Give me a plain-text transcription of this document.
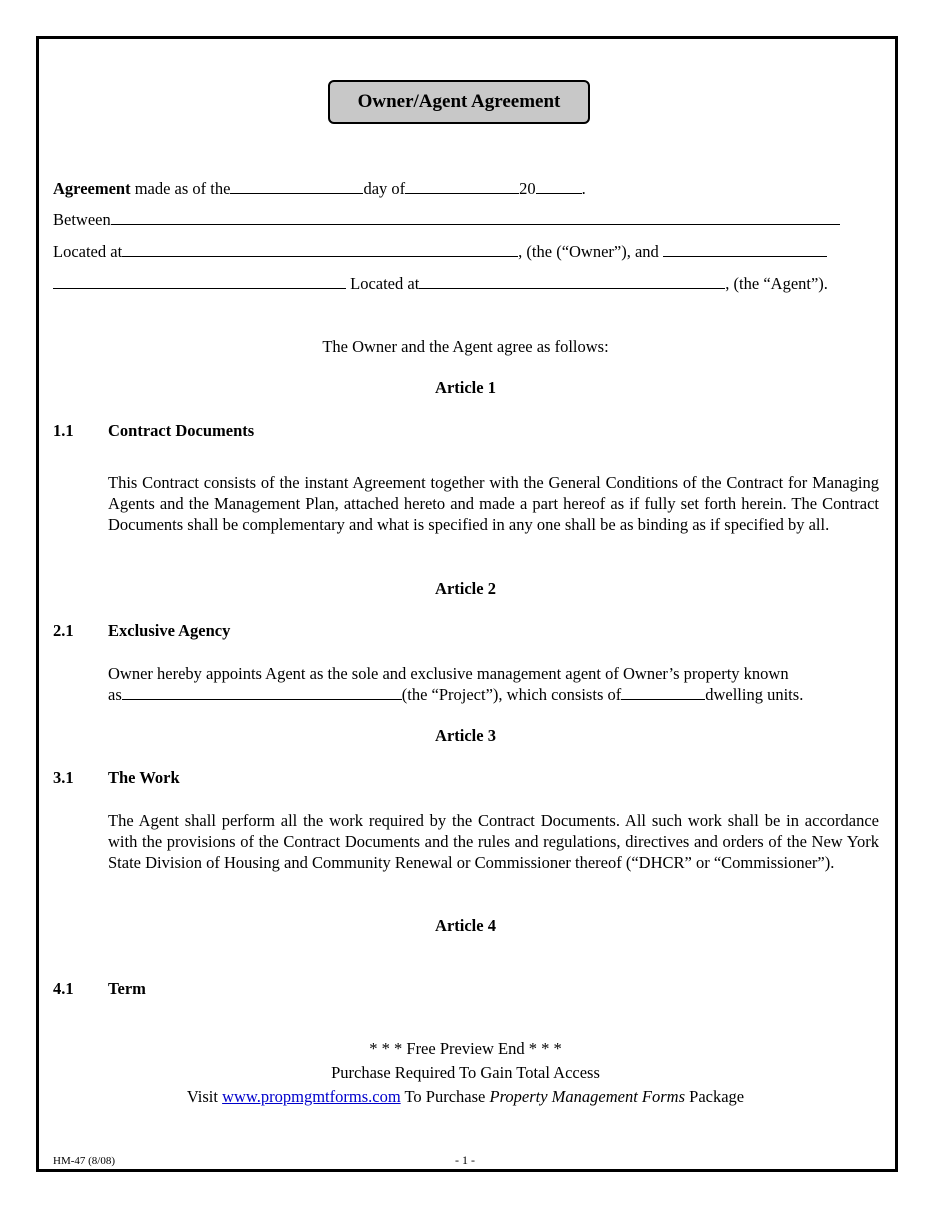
Owner/Agent Agreement
Agreement made as of the	day of	20	.
Between
Located at	, (the (“Owner”), and
Located at	, (the “Agent”).
The Owner and the Agent agree as follows:
Article 1
1.1 Contract Documents
This Contract consists of the instant Agreement together with the General Conditions of the Contract for Managing Agents and the Management Plan, attached hereto and made a part hereof as if fully set forth herein. The Contract Documents shall be complementary and what is specified in any one shall be as binding as if specified by all.
Article 2
2.1 Exclusive Agency
Owner hereby appoints Agent as the sole and exclusive management agent of Owner’s property known
as	(the “Project”), which consists of	dwelling units.
Article 3
3.1 The Work
The Agent shall perform all the work required by the Contract Documents. All such work shall be in accordance with the provisions of the Contract Documents and the rules and regulations, directives and orders of the New York State Division of Housing and Community Renewal or Commissioner thereof (“DHCR” or “Commissioner”).
Article 4
4.1 Term
* * * Free Preview End * * *
Purchase Required To Gain Total Access
Visit www.propmgmtforms.com To Purchase Property Management Forms Package
HM-47 (8/08)	- 1 -
